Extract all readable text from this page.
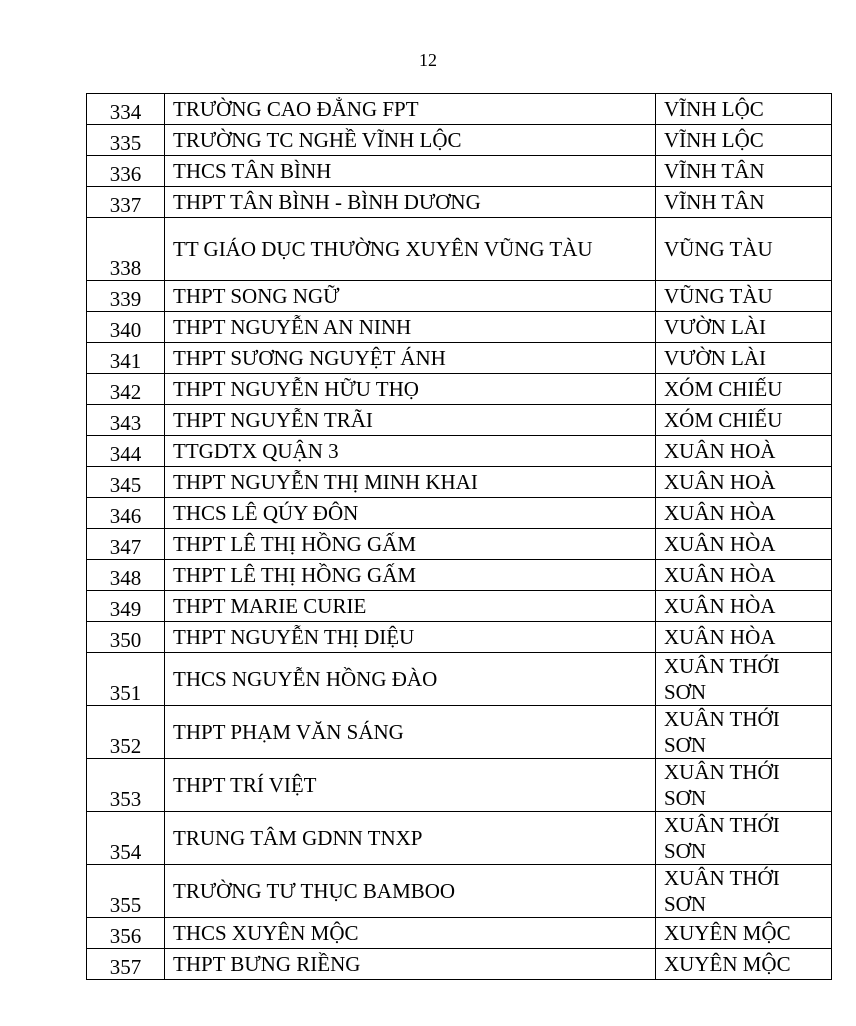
12
334	TRƯỜNG CAO ĐẲNG FPT	VĨNH LỘC
335	TRƯỜNG TC NGHỀ VĨNH LỘC	VĨNH LỘC
336	THCS TÂN BÌNH	VĨNH TÂN
337	THPT TÂN BÌNH - BÌNH DƯƠNG	VĨNH TÂN
338	TT GIÁO DỤC THƯỜNG XUYÊN VŨNG TÀU	VŨNG TÀU
339	THPT SONG NGỮ	VŨNG TÀU
340	THPT NGUYỄN AN NINH	VƯỜN LÀI
341	THPT SƯƠNG NGUYỆT ÁNH	VƯỜN LÀI
342	THPT NGUYỄN HỮU THỌ	XÓM CHIẾU
343	THPT NGUYỄN TRÃI	XÓM CHIẾU
344	TTGDTX QUẬN 3	XUÂN HOÀ
345	THPT NGUYỄN THỊ MINH KHAI	XUÂN HOÀ
346	THCS LÊ QÚY ĐÔN	XUÂN HÒA
347	THPT LÊ THỊ HỒNG GẤM	XUÂN HÒA
348	THPT LÊ THỊ HỒNG GẤM	XUÂN HÒA
349	THPT MARIE CURIE	XUÂN HÒA
350	THPT NGUYỄN THỊ DIỆU	XUÂN HÒA
351	THCS NGUYỄN HỒNG ĐÀO	XUÂN THỚI SƠN
352	THPT PHẠM VĂN SÁNG	XUÂN THỚI SƠN
353	THPT TRÍ VIỆT	XUÂN THỚI SƠN
354	TRUNG TÂM GDNN TNXP	XUÂN THỚI SƠN
355	TRƯỜNG TƯ THỤC BAMBOO	XUÂN THỚI SƠN
356	THCS XUYÊN MỘC	XUYÊN MỘC
357	THPT BƯNG RIỀNG	XUYÊN MỘC
